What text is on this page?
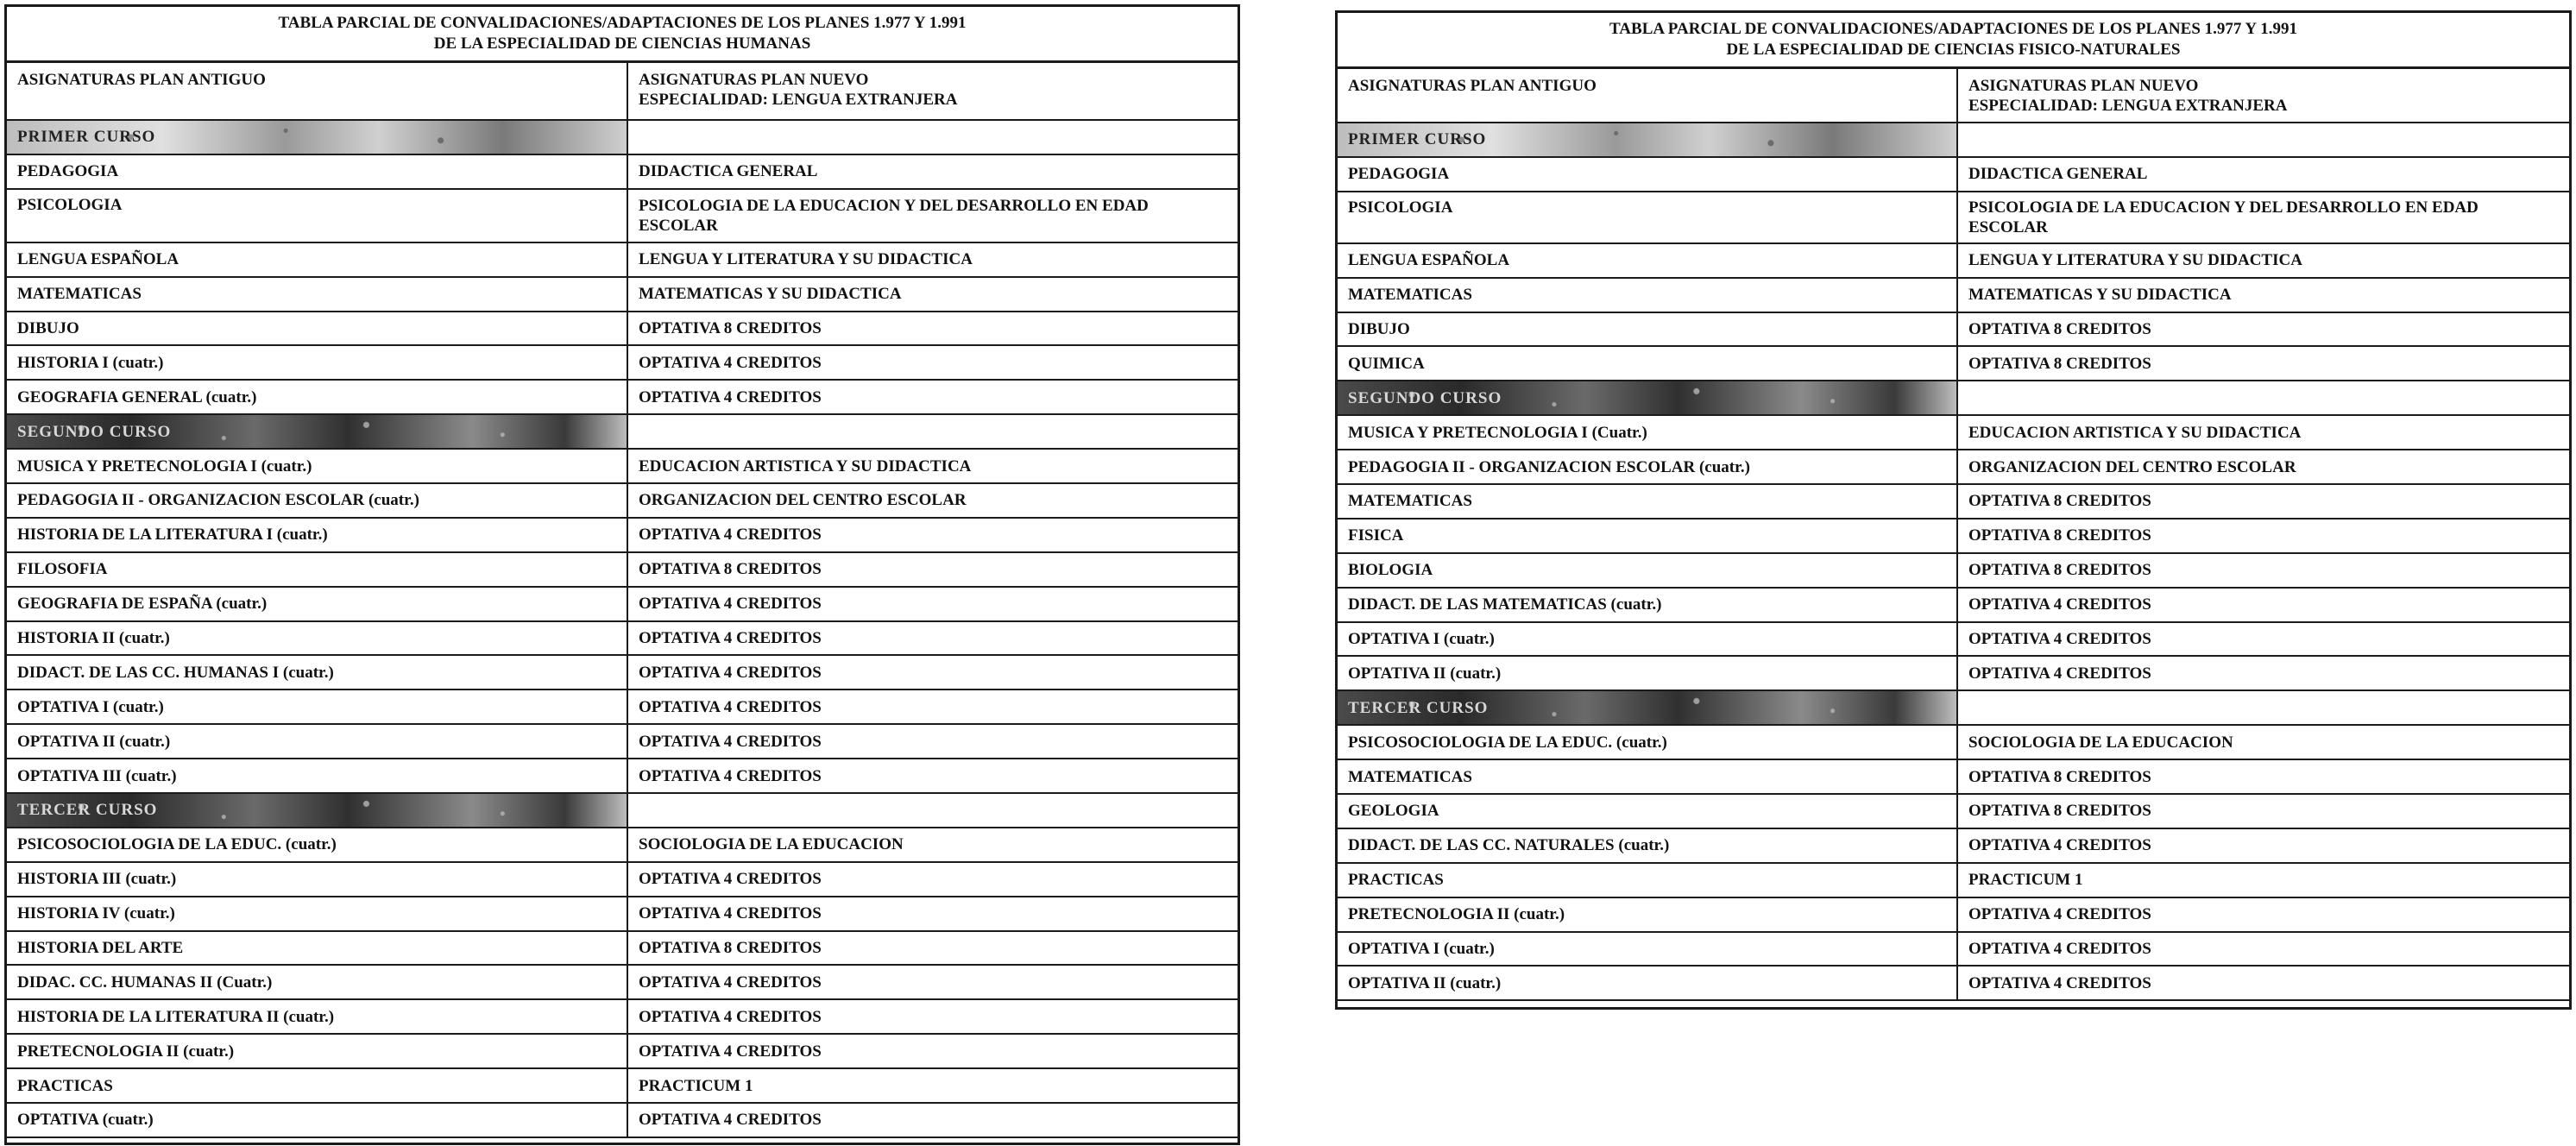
TABLA PARCIAL DE CONVALIDACIONES/ADAPTACIONES DE LOS PLANES 1.977 Y 1.991
DE LA ESPECIALIDAD DE CIENCIAS HUMANAS
ASIGNATURAS PLAN ANTIGUO	ASIGNATURAS PLAN NUEVO
ESPECIALIDAD: LENGUA EXTRANJERA

PRIMER CURSO	
PEDAGOGIA	DIDACTICA GENERAL
PSICOLOGIA	PSICOLOGIA DE LA EDUCACION Y DEL DESARROLLO EN EDAD ESCOLAR
LENGUA ESPAÑOLA	LENGUA Y LITERATURA Y SU DIDACTICA
MATEMATICAS	MATEMATICAS Y SU DIDACTICA
DIBUJO	OPTATIVA 8 CREDITOS
HISTORIA I (cuatr.)	OPTATIVA 4 CREDITOS
GEOGRAFIA GENERAL (cuatr.)	OPTATIVA 4 CREDITOS
SEGUNDO CURSO	
MUSICA Y PRETECNOLOGIA I (cuatr.)	EDUCACION ARTISTICA Y SU DIDACTICA
PEDAGOGIA II - ORGANIZACION ESCOLAR (cuatr.)	ORGANIZACION DEL CENTRO ESCOLAR
HISTORIA DE LA LITERATURA I (cuatr.)	OPTATIVA 4 CREDITOS
FILOSOFIA	OPTATIVA 8 CREDITOS
GEOGRAFIA DE ESPAÑA (cuatr.)	OPTATIVA 4 CREDITOS
HISTORIA II (cuatr.)	OPTATIVA 4 CREDITOS
DIDACT. DE LAS CC. HUMANAS I (cuatr.)	OPTATIVA 4 CREDITOS
OPTATIVA I (cuatr.)	OPTATIVA 4 CREDITOS
OPTATIVA II (cuatr.)	OPTATIVA 4 CREDITOS
OPTATIVA III (cuatr.)	OPTATIVA 4 CREDITOS
TERCER CURSO	
PSICOSOCIOLOGIA DE LA EDUC. (cuatr.)	SOCIOLOGIA DE LA EDUCACION
HISTORIA III (cuatr.)	OPTATIVA 4 CREDITOS
HISTORIA IV (cuatr.)	OPTATIVA 4 CREDITOS
HISTORIA DEL ARTE	OPTATIVA 8 CREDITOS
DIDAC. CC. HUMANAS II (Cuatr.)	OPTATIVA 4 CREDITOS
HISTORIA DE LA LITERATURA II (cuatr.)	OPTATIVA 4 CREDITOS
PRETECNOLOGIA II (cuatr.)	OPTATIVA 4 CREDITOS
PRACTICAS	PRACTICUM 1
OPTATIVA (cuatr.)	OPTATIVA 4 CREDITOS
TABLA PARCIAL DE CONVALIDACIONES/ADAPTACIONES DE LOS PLANES 1.977 Y 1.991
DE LA ESPECIALIDAD DE CIENCIAS FISICO-NATURALES
ASIGNATURAS PLAN ANTIGUO	ASIGNATURAS PLAN NUEVO
ESPECIALIDAD: LENGUA EXTRANJERA

PRIMER CURSO	
PEDAGOGIA	DIDACTICA GENERAL
PSICOLOGIA	PSICOLOGIA DE LA EDUCACION Y DEL DESARROLLO EN EDAD ESCOLAR
LENGUA ESPAÑOLA	LENGUA Y LITERATURA Y SU DIDACTICA
MATEMATICAS	MATEMATICAS Y SU DIDACTICA
DIBUJO	OPTATIVA 8 CREDITOS
QUIMICA	OPTATIVA 8 CREDITOS
SEGUNDO CURSO	
MUSICA Y PRETECNOLOGIA I (Cuatr.)	EDUCACION ARTISTICA Y SU DIDACTICA
PEDAGOGIA II - ORGANIZACION ESCOLAR (cuatr.)	ORGANIZACION DEL CENTRO ESCOLAR
MATEMATICAS	OPTATIVA 8 CREDITOS
FISICA	OPTATIVA 8 CREDITOS
BIOLOGIA	OPTATIVA 8 CREDITOS
DIDACT. DE LAS MATEMATICAS (cuatr.)	OPTATIVA 4 CREDITOS
OPTATIVA I (cuatr.)	OPTATIVA 4 CREDITOS
OPTATIVA II (cuatr.)	OPTATIVA 4 CREDITOS
TERCER CURSO	
PSICOSOCIOLOGIA DE LA EDUC. (cuatr.)	SOCIOLOGIA DE LA EDUCACION
MATEMATICAS	OPTATIVA 8 CREDITOS
GEOLOGIA	OPTATIVA 8 CREDITOS
DIDACT. DE LAS CC. NATURALES (cuatr.)	OPTATIVA 4 CREDITOS
PRACTICAS	PRACTICUM 1
PRETECNOLOGIA II (cuatr.)	OPTATIVA 4 CREDITOS
OPTATIVA I (cuatr.)	OPTATIVA 4 CREDITOS
OPTATIVA II (cuatr.)	OPTATIVA 4 CREDITOS
